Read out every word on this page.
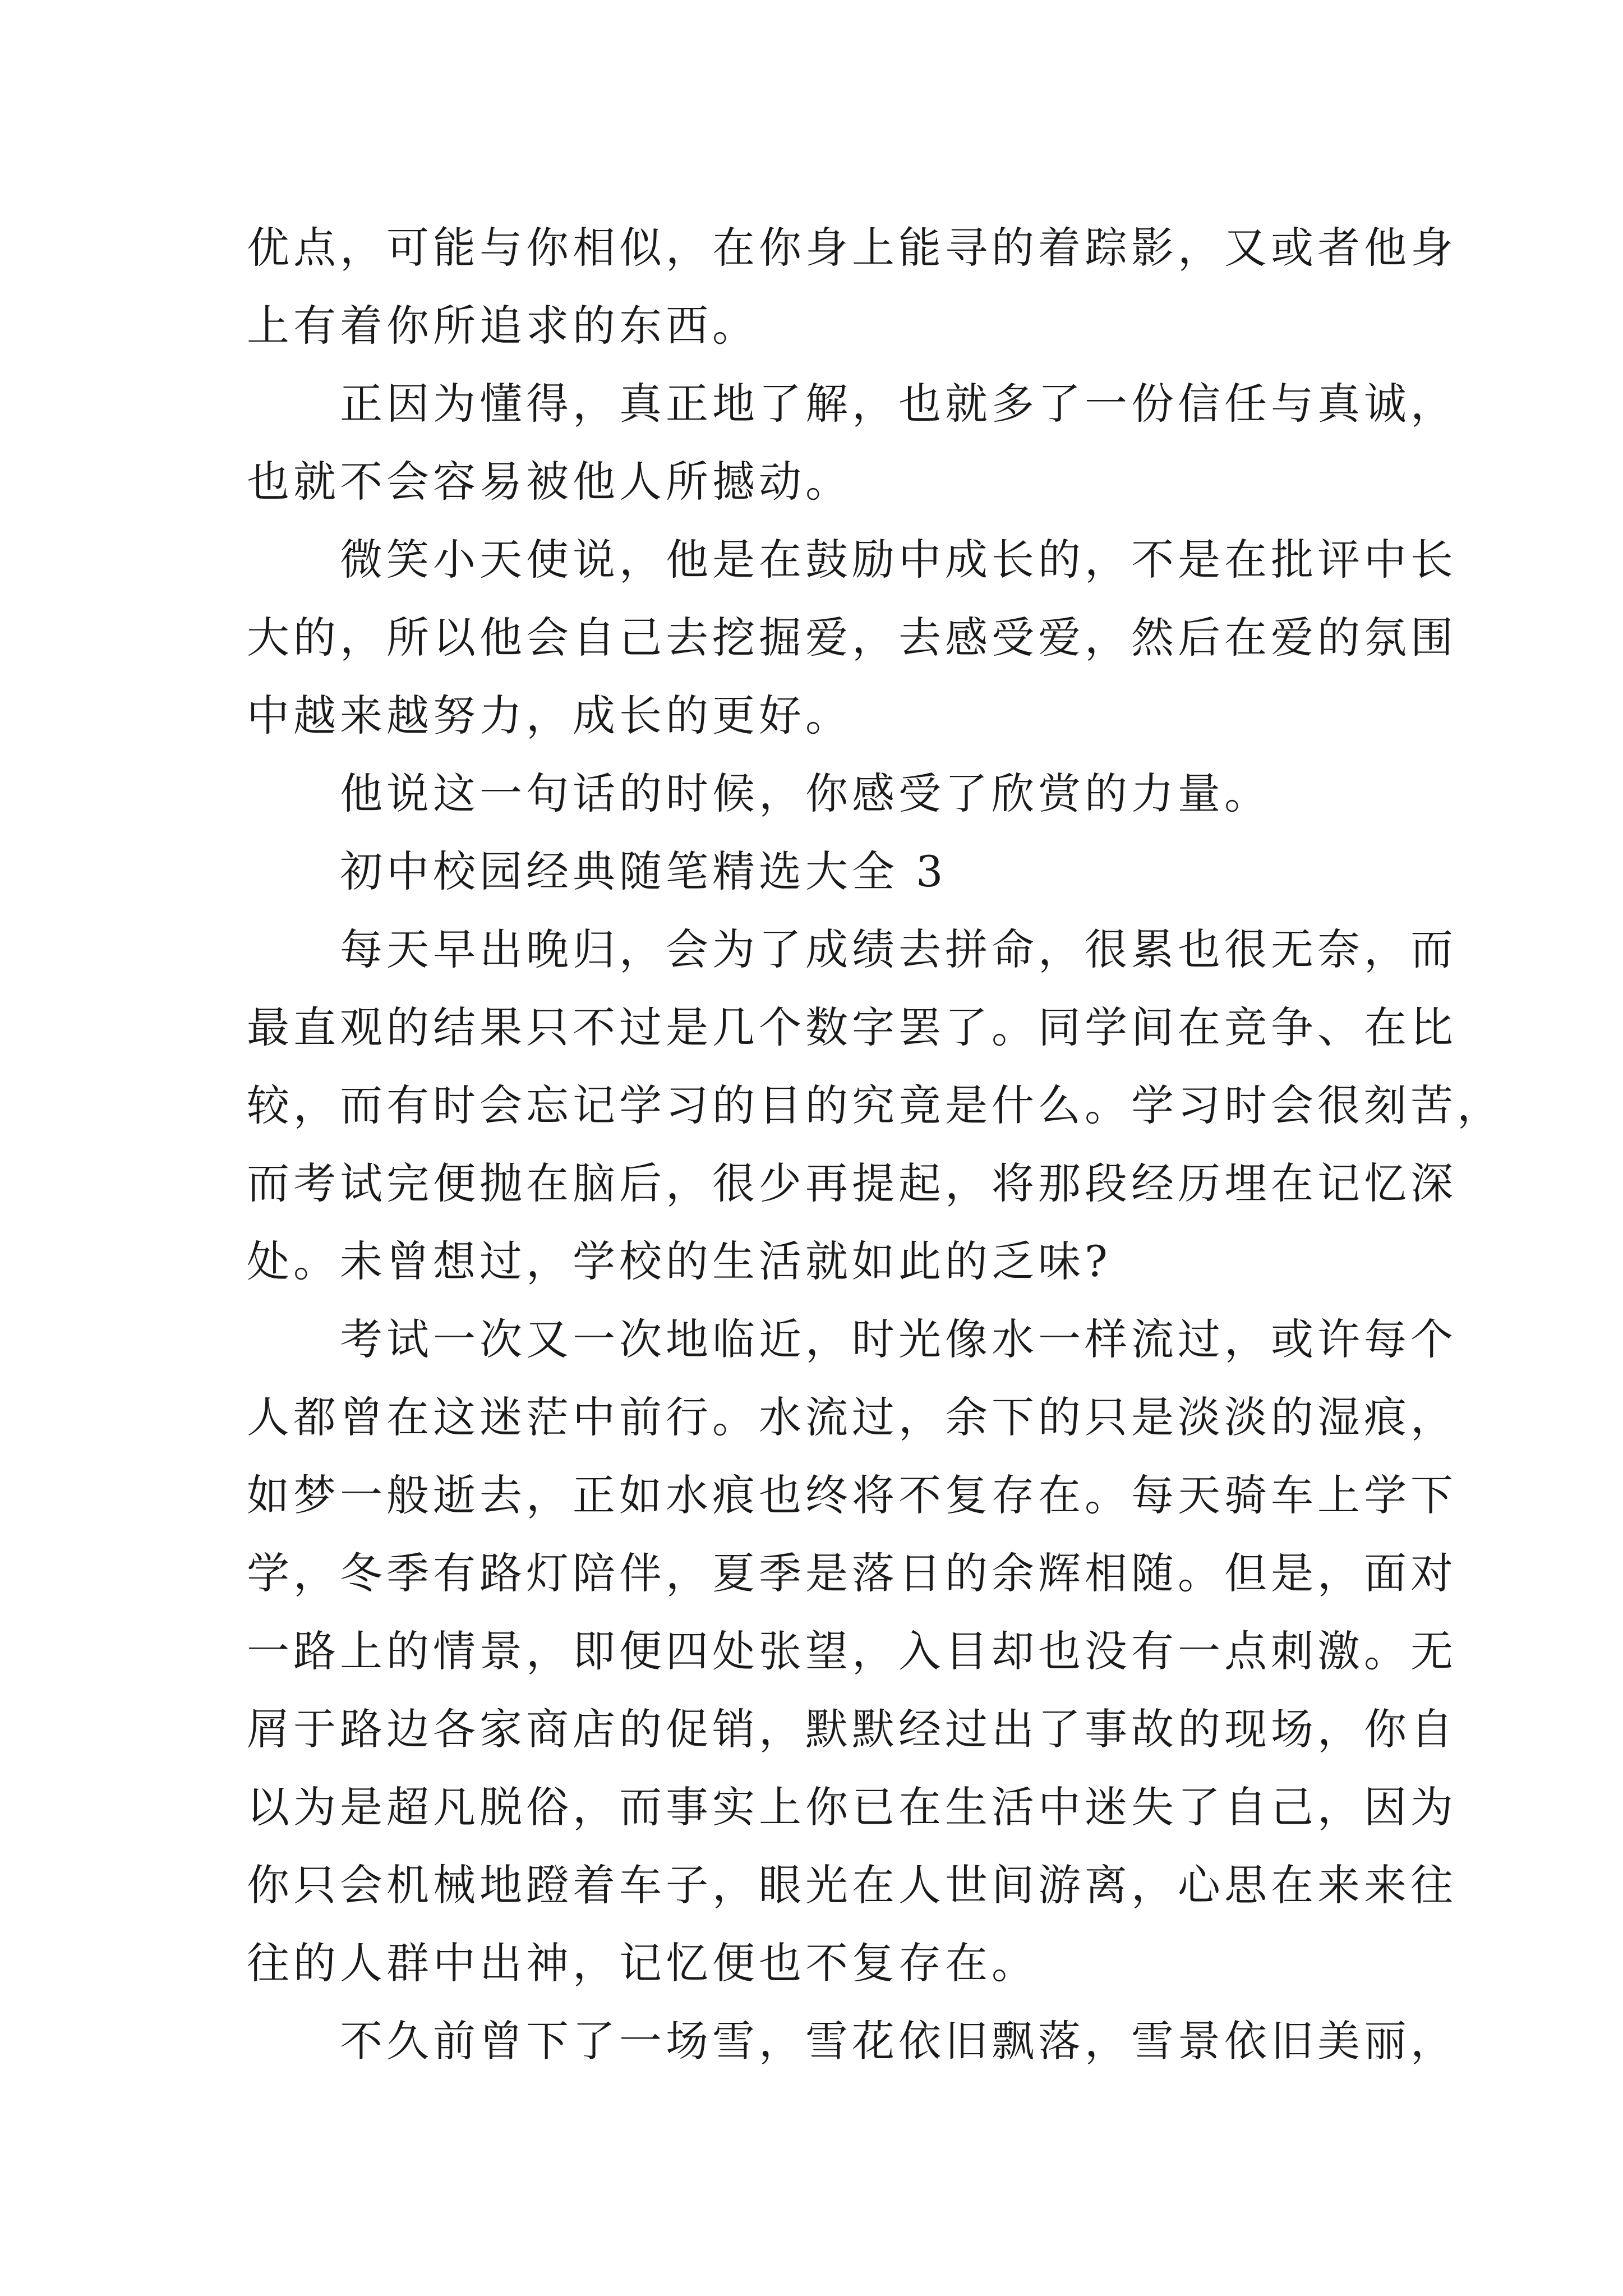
优点，可能与你相似，在你身上能寻的着踪影，又或者他身
上有着你所追求的东西。
正因为懂得，真正地了解，也就多了一份信任与真诚，
也就不会容易被他人所撼动。
微笑小天使说，他是在鼓励中成长的，不是在批评中长
大的，所以他会自己去挖掘爱，去感受爱，然后在爱的氛围
中越来越努力，成长的更好。
他说这一句话的时候，你感受了欣赏的力量。
初中校园经典随笔精选大全 3
每天早出晚归，会为了成绩去拼命，很累也很无奈，而
最直观的结果只不过是几个数字罢了。同学间在竞争、在比
较，而有时会忘记学习的目的究竟是什么。学习时会很刻苦，
而考试完便抛在脑后，很少再提起，将那段经历埋在记忆深
处。未曾想过，学校的生活就如此的乏味?
考试一次又一次地临近，时光像水一样流过，或许每个
人都曾在这迷茫中前行。水流过，余下的只是淡淡的湿痕，
如梦一般逝去，正如水痕也终将不复存在。每天骑车上学下
学，冬季有路灯陪伴，夏季是落日的余辉相随。但是，面对
一路上的情景，即便四处张望，入目却也没有一点刺激。无
屑于路边各家商店的促销，默默经过出了事故的现场，你自
以为是超凡脱俗，而事实上你已在生活中迷失了自己，因为
你只会机械地蹬着车子，眼光在人世间游离，心思在来来往
往的人群中出神，记忆便也不复存在。
不久前曾下了一场雪，雪花依旧飘落，雪景依旧美丽，
